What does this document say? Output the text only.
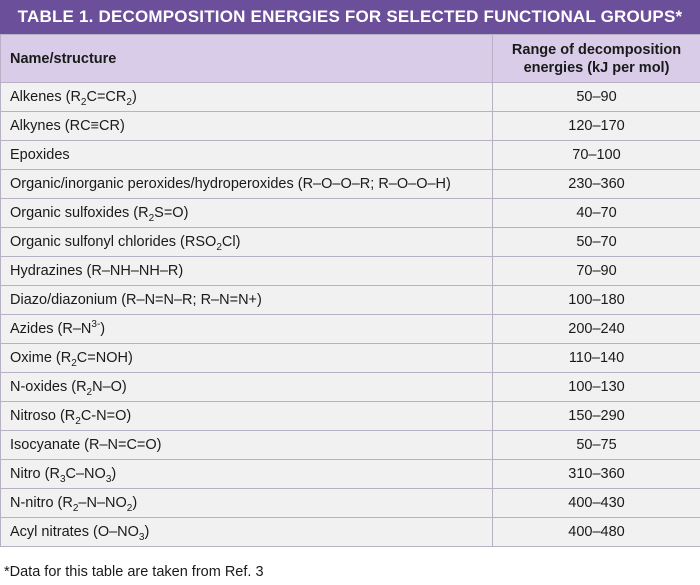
TABLE 1. DECOMPOSITION ENERGIES FOR SELECTED FUNCTIONAL GROUPS*
Name/structure	Range of decomposition
energies (kJ per mol)

Alkenes $(R_2C=CR_2)$	50–90
Alkynes (RC≡CR)	120–170
Epoxides	70–100
Organic/inorganic peroxides/hydroperoxides (R–O–O–R; R–O–O–H)	230–360
Organic sulfoxides $(R_2S=O)$	40–70
Organic sulfonyl chlorides $(RSO_2Cl)$	50–70
Hydrazines (R–NH–NH–R)	70–90
Diazo/diazonium (R–N=N–R; R–N=N+)	100–180
Azides $(R-N^{3-})$	200–240
Oxime $(R_2C=NOH)$	110–140
N-oxides $(R_2N-O)$	100–130
Nitroso $(R_2C-N=O)$	150–290
Isocyanate (R–N=C=O)	50–75
Nitro $(R_3C-NO_3)$	310–360
N-nitro $(R_2-N-NO_2)$	400–430
Acyl nitrates $(O-NO_3)$	400–480
*Data for this table are taken from Ref. 3
